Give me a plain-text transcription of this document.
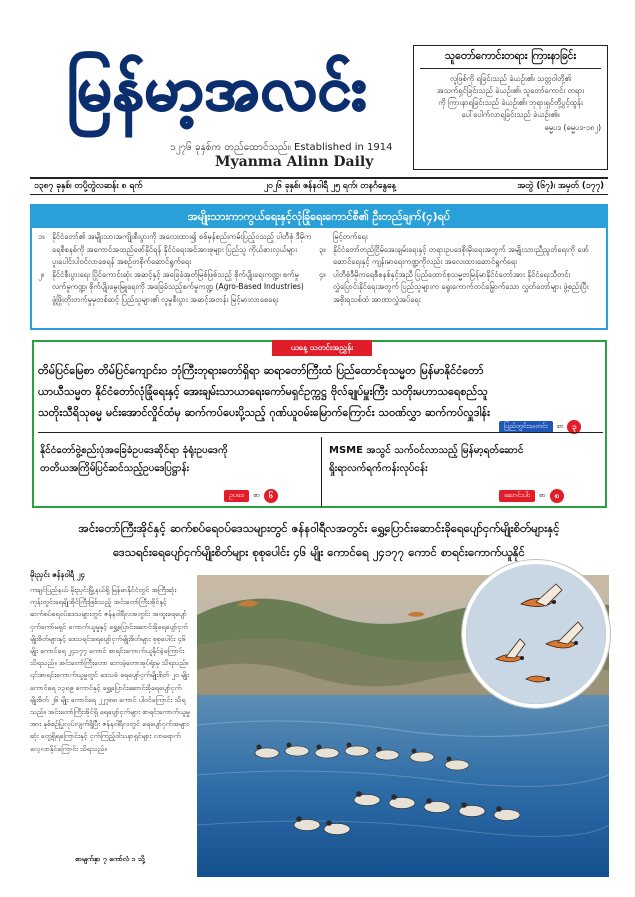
မြန်မာ့အလင်း
၁၂၇၆ ခုနှစ်က တည်ထောင်သည်။ Established in 1914
Myanma Alinn Daily
သူတော်ကောင်းတရား ကြားနာခြင်း
လူဖြစ်ကို ရခြင်းသည် ခဲယဉ်း၏၊ သတ္တဝါတို့၏
အသက်ရှင်ခြင်းသည် ခဲယဉ်း၏၊ သူတော်ကောင်း တရား
ကို ကြားနာရခြင်းသည် ခဲယဉ်း၏၊ ဘုရားရှင်တို့ပွင့်ထွန်း
ပေါ်ပေါက်လာရခြင်းသည် ခဲယဉ်း၏။
ဓမ္မပဒ (ဓမ္မပဒ-၁၈၂)
၁၃၈၇ ခုနှစ်၊ တပို့တွဲလဆန်း ၈ ရက်	၂၀၂၆ ခုနှစ်၊ ဇန်နဝါရီ ၂၅ ရက်၊ တနင်္ဂနွေနေ့	အတွဲ (၆၇)၊ အမှတ် (၁၇၇)
အမျိုးသားကာကွယ်ရေးနှင့်လုံခြုံရေးကောင်စီ၏ ဦးတည်ချက်(၄)ရပ်
၁။	နိုင်ငံတော်၏ အမျိုးသားအကျိုးစီးပွားကို အလေးထား၍ စစ်မှန်စည်းကမ်းပြည့်ဝသည့် ပါတီစုံ ဒီမိုကရေစီစနစ်ကို အကောင်အထည်ဖော်နိုင်ရန် နိုင်ငံရေးအင်အားစုများ ပြည်သူ ကိုယ်စားလှယ်များ ပူးပေါင်းပါဝင်လာစေရန် အစဉ်တစိုက်ဆောင်ရွက်ရေး
၂။	နိုင်ငံစီးပွားရေး ပြိုင်ကောင်းဆုံး အဆင့်နှင့် အခြေခံအုတ်မြစ်ဖြစ်သည့် စိုက်ပျိုးရေးကဏ္ဍ၊ စက်မှုလက်မှုကဏ္ဍ၊ စိုက်ပျိုးမွေးမြူရေးကို အခြေခံသည့်စက်မှုကဏ္ဍ (Agro-Based Industries) ဖွံ့ဖြိုးတိုးတက်မှုမှတစ်ဆင့် ပြည်သူများ၏ လူမှုစီးပွား အဆင့်အတန်း မြင့်မားလာစေရေး
မြင့်တက်ရေး
၃။	နိုင်ငံတော်တည်ငြိမ်အေးချမ်းရေးနှင့် တရားဥပဒေစိုးမိုးရေးအတွက် အမျိုးသားညီညွတ်ရေးကို ဖော်ဆောင်ရေးနှင့် ကျန်းမာရေးကဏ္ဍကိုလည်း အလေးထားဆောင်ရွက်ရေး
၄။	ပါတီစုံဒီမိုကရေစီစနစ်နှင့်အညီ ပြည်ထောင်စုသမ္မတမြန်မာနိုင်ငံတော်အား နိုင်ငံရေးသီတင်းလွှဲပြောင်းနိုင်ရေးအတွက် ပြည်သူများက ရွေးကောက်တင်မြှောက်သော လွှတ်တော်များ ဖွဲ့စည်းပြီး အစိုးရသစ်ထံ အာဏာလွှဲအပ်ရေး
ယနေ့ သတင်းအညွှန်း
တိမ်ပြင်မြေစာ တိမ်ပြင်ကျောင်း၀ ဘုံကြီးဘုရားတော်ရှိရာ ဆရာတော်ကြီးထံ ပြည်ထောင်စုသမ္မတ မြန်မာနိုင်ငံတော်
ယာယီသမ္မတ နိုင်ငံတော်လုံခြုံရေးနှင့် အေးချမ်းသာယာရေးကော်မရှင်ဥက္ကဋ္ဌ ဗိုလ်ချုပ်မှူးကြီး သတိုးမဟာသရေစည်သူ
သတိုးသီရိသုဓမ္မ မင်းအောင်လှိုင်ထံမှ ဆက်ကပ်ပေးပို့သည့် ဂုဏ်ယူဝမ်းမြောက်ကြောင်း သဝဏ်လွှာ ဆက်ကပ်လှူဒါန်း
ပြည်တွင်းသတင်း	စာ	၃
နိုင်ငံတော်ဗွဲ့စည်းပုံအခြေခံဥပဒေဆိုင်ရာ ခုံရုံးဥပဒေကို
တတိယအကြိမ်ပြင်ဆင်သည့်ဥပဒေပြဋ္ဌာန်း
ဥပဒေ	စာ	၆
MSME အသွင် သက်ဝင်လာသည့် မြန်မာ့ရတ်ဆောင်
ရှိုးရာလက်ရက်ကန်းလုပ်ငန်း
ဆောင်းပါး	စာ	၈
အင်းတော်ကြီးအိုင်နှင့် ဆက်စပ်ရေဝပ်ဒေသများတွင် ဇန်နဝါရီလအတွင်း ရွှေ့ပြောင်းဆောင်းခိုရေပျော်ငှက်မျိုးစိတ်များနှင့်
ဒေသရင်းရေပျော်ငှက်မျိုးစိတ်များ စုစုပေါင်း ၄၆ မျိုး ကောင်ရေ ၂၄၁၇၇ ကောင် စာရင်းကောက်ယူနိုင်
မိုးညှင်း ဇန်နဝါရီ ၂၄
ကချင်ပြည်နယ် မိုးညှင်းမြို့နယ်ရှိ မြန်မာနိုင်ငံတွင် အကြီးဆုံး ကုန်းတွင်းရေချိုအိုင်ကြီးဖြစ်သည့် အင်းတော်ကြီးအိုင်နှင့် ဆက်စပ်ရေဝပ်ဒေသများတွင် ဇန်နဝါရီလအတွင်း အထူးရေပျော်ငှက်ကော်မရှင် ကောက်ယူမှုနှင့် ရွှေ့ပြောင်းဆောင်းခိုရေပျော်ငှက် မျိုးစိတ်များနှင့် ဒေသရင်းရေပျော်ငှက်မျိုးစိတ်များ စုစုပေါင်း ၄၆ မျိုး ကောင်ရေ ၂၄၁၇၇ ကောင် စာရင်းကောက်ယူနိုင်ခဲ့ကြောင်း သိရသည်။ အင်းတော်ကြီးတော ဘေးမဲ့တောအုပ်ရုံးမှ သိရသည်။ ၎င်းစာရင်းကောက်ယူမှုတွင် ဒေသခံ ရေပျော်ငှက်မျိုးစိတ် ၂၀ မျိုး ကောင်ရေ ၁၃၈၉ ကောင်နှင့် ရွှေ့ပြောင်းဆောင်းခိုရေပျော်ငှက်မျိုးစိတ် ၂၆ မျိုး ကောင်ရေ ၂၂၇၈၈ ကောင် ပါဝင်ကြောင်း သိရသည်။ အင်းတော်ကြီးအိုင်ရှိ ရေပျော်ငှက်များ စာရင်းကောက်ယူမှုအား နှစ်စဉ်ပြုလုပ်လျက်ရှိပြီး ဇန်နဝါရီလတွင် ရေပျော်ငှက်အများဆုံး တွေ့ရှိရကြောင်းနှင့် ငှက်ကြည့်ဝါသနာရှင်များ လာရောက်လေ့လာနိုင်ကြောင်း သိရသည်။
စာမျက်နှာ ၇ ကော်လံ ၁ သို့
